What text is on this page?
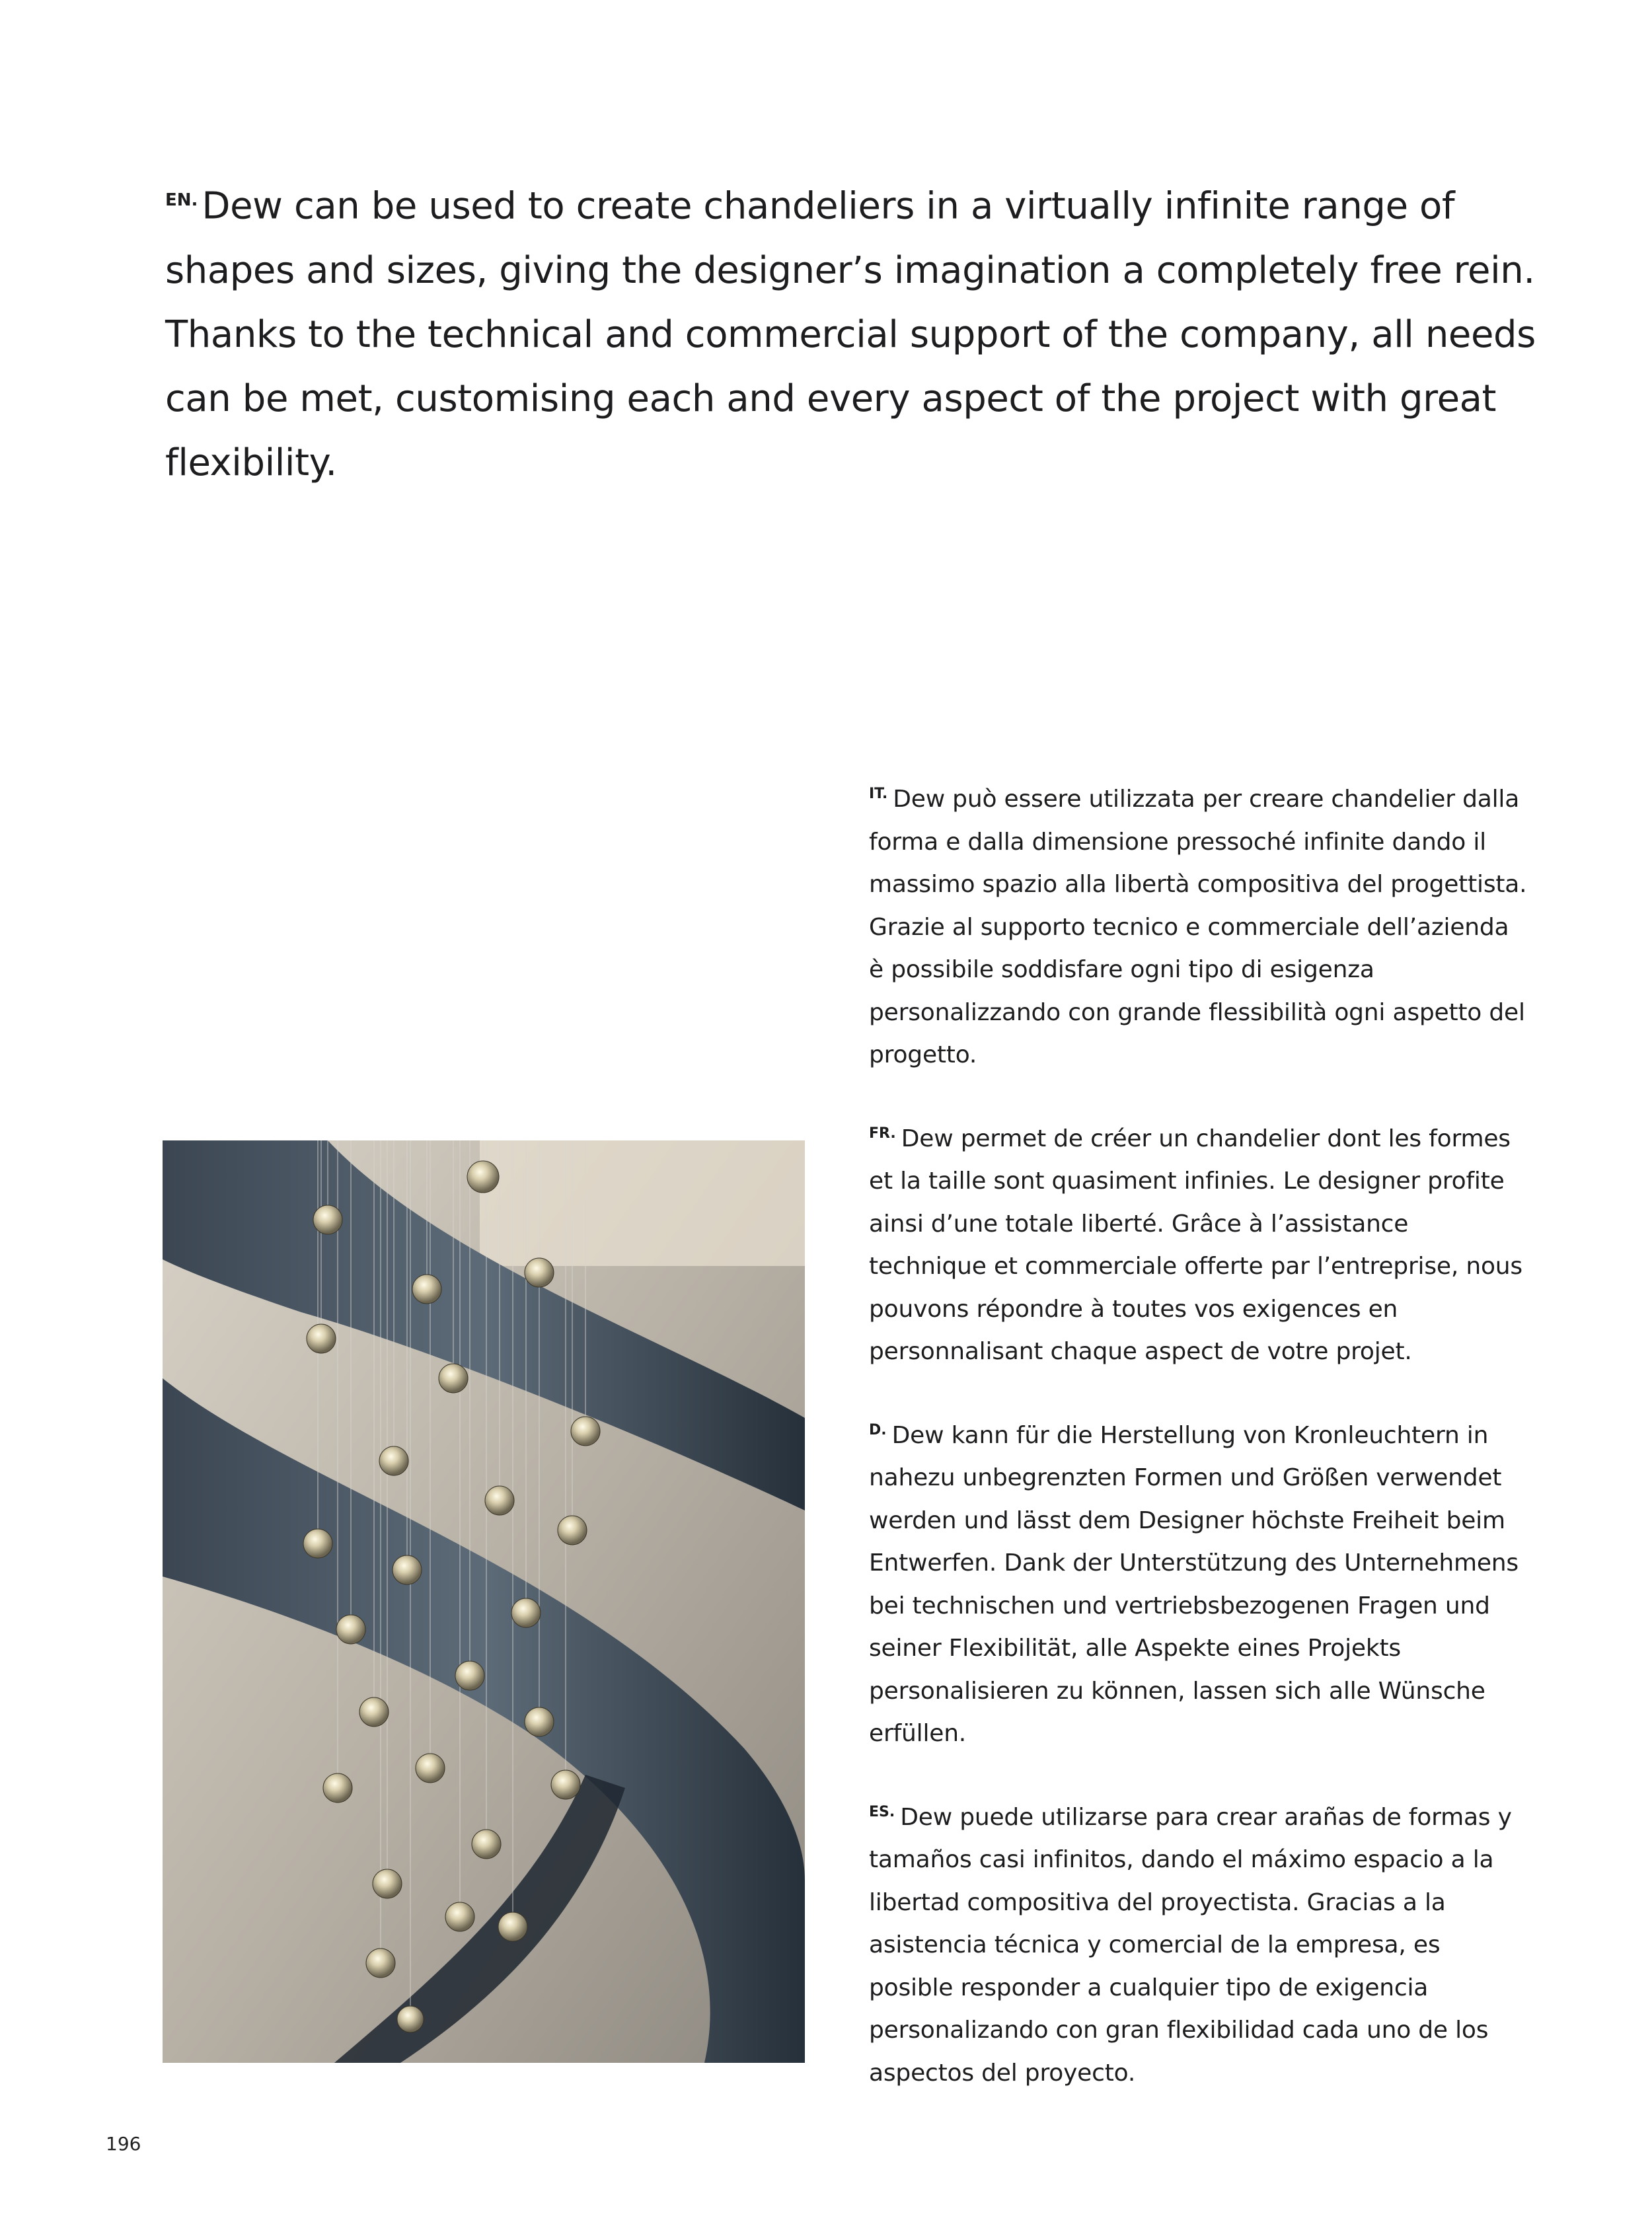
$^{EN.}$ Dew can be used to create chandeliers in a virtually infinite range of shapes and sizes, giving the designer’s imagination a completely free rein. Thanks to the technical and commercial support of the company, all needs can be met, customising each and every aspect of the project with great flexibility.

$^{IT.}$ Dew può essere utilizzata per creare chandelier dalla forma e dalla dimensione pressoché infinite dando il massimo spazio alla libertà compositiva del progettista. Grazie al supporto tecnico e commerciale dell’azienda è possibile soddisfare ogni tipo di esigenza personalizzando con grande flessibilità ogni aspetto del progetto.

$^{FR.}$ Dew permet de créer un chandelier dont les formes et la taille sont quasiment infinies. Le designer profite ainsi d’une totale liberté. Grâce à l’assistance technique et commerciale offerte par l’entreprise, nous pouvons répondre à toutes vos exigences en personnalisant chaque aspect de votre projet.

$^{D.}$ Dew kann für die Herstellung von Kronleuchtern in nahezu unbegrenzten Formen und Größen verwendet werden und lässt dem Designer höchste Freiheit beim Entwerfen. Dank der Unterstützung des Unternehmens bei technischen und vertriebsbezogenen Fragen und seiner Flexibilität, alle Aspekte eines Projekts personalisieren zu können, lassen sich alle Wünsche erfüllen.

$^{ES.}$ Dew puede utilizarse para crear arañas de formas y tamaños casi infinitos, dando el máximo espacio a la libertad compositiva del proyectista. Gracias a la asistencia técnica y comercial de la empresa, es posible responder a cualquier tipo de exigencia personalizando con gran flexibilidad cada uno de los aspectos del proyecto.

196
